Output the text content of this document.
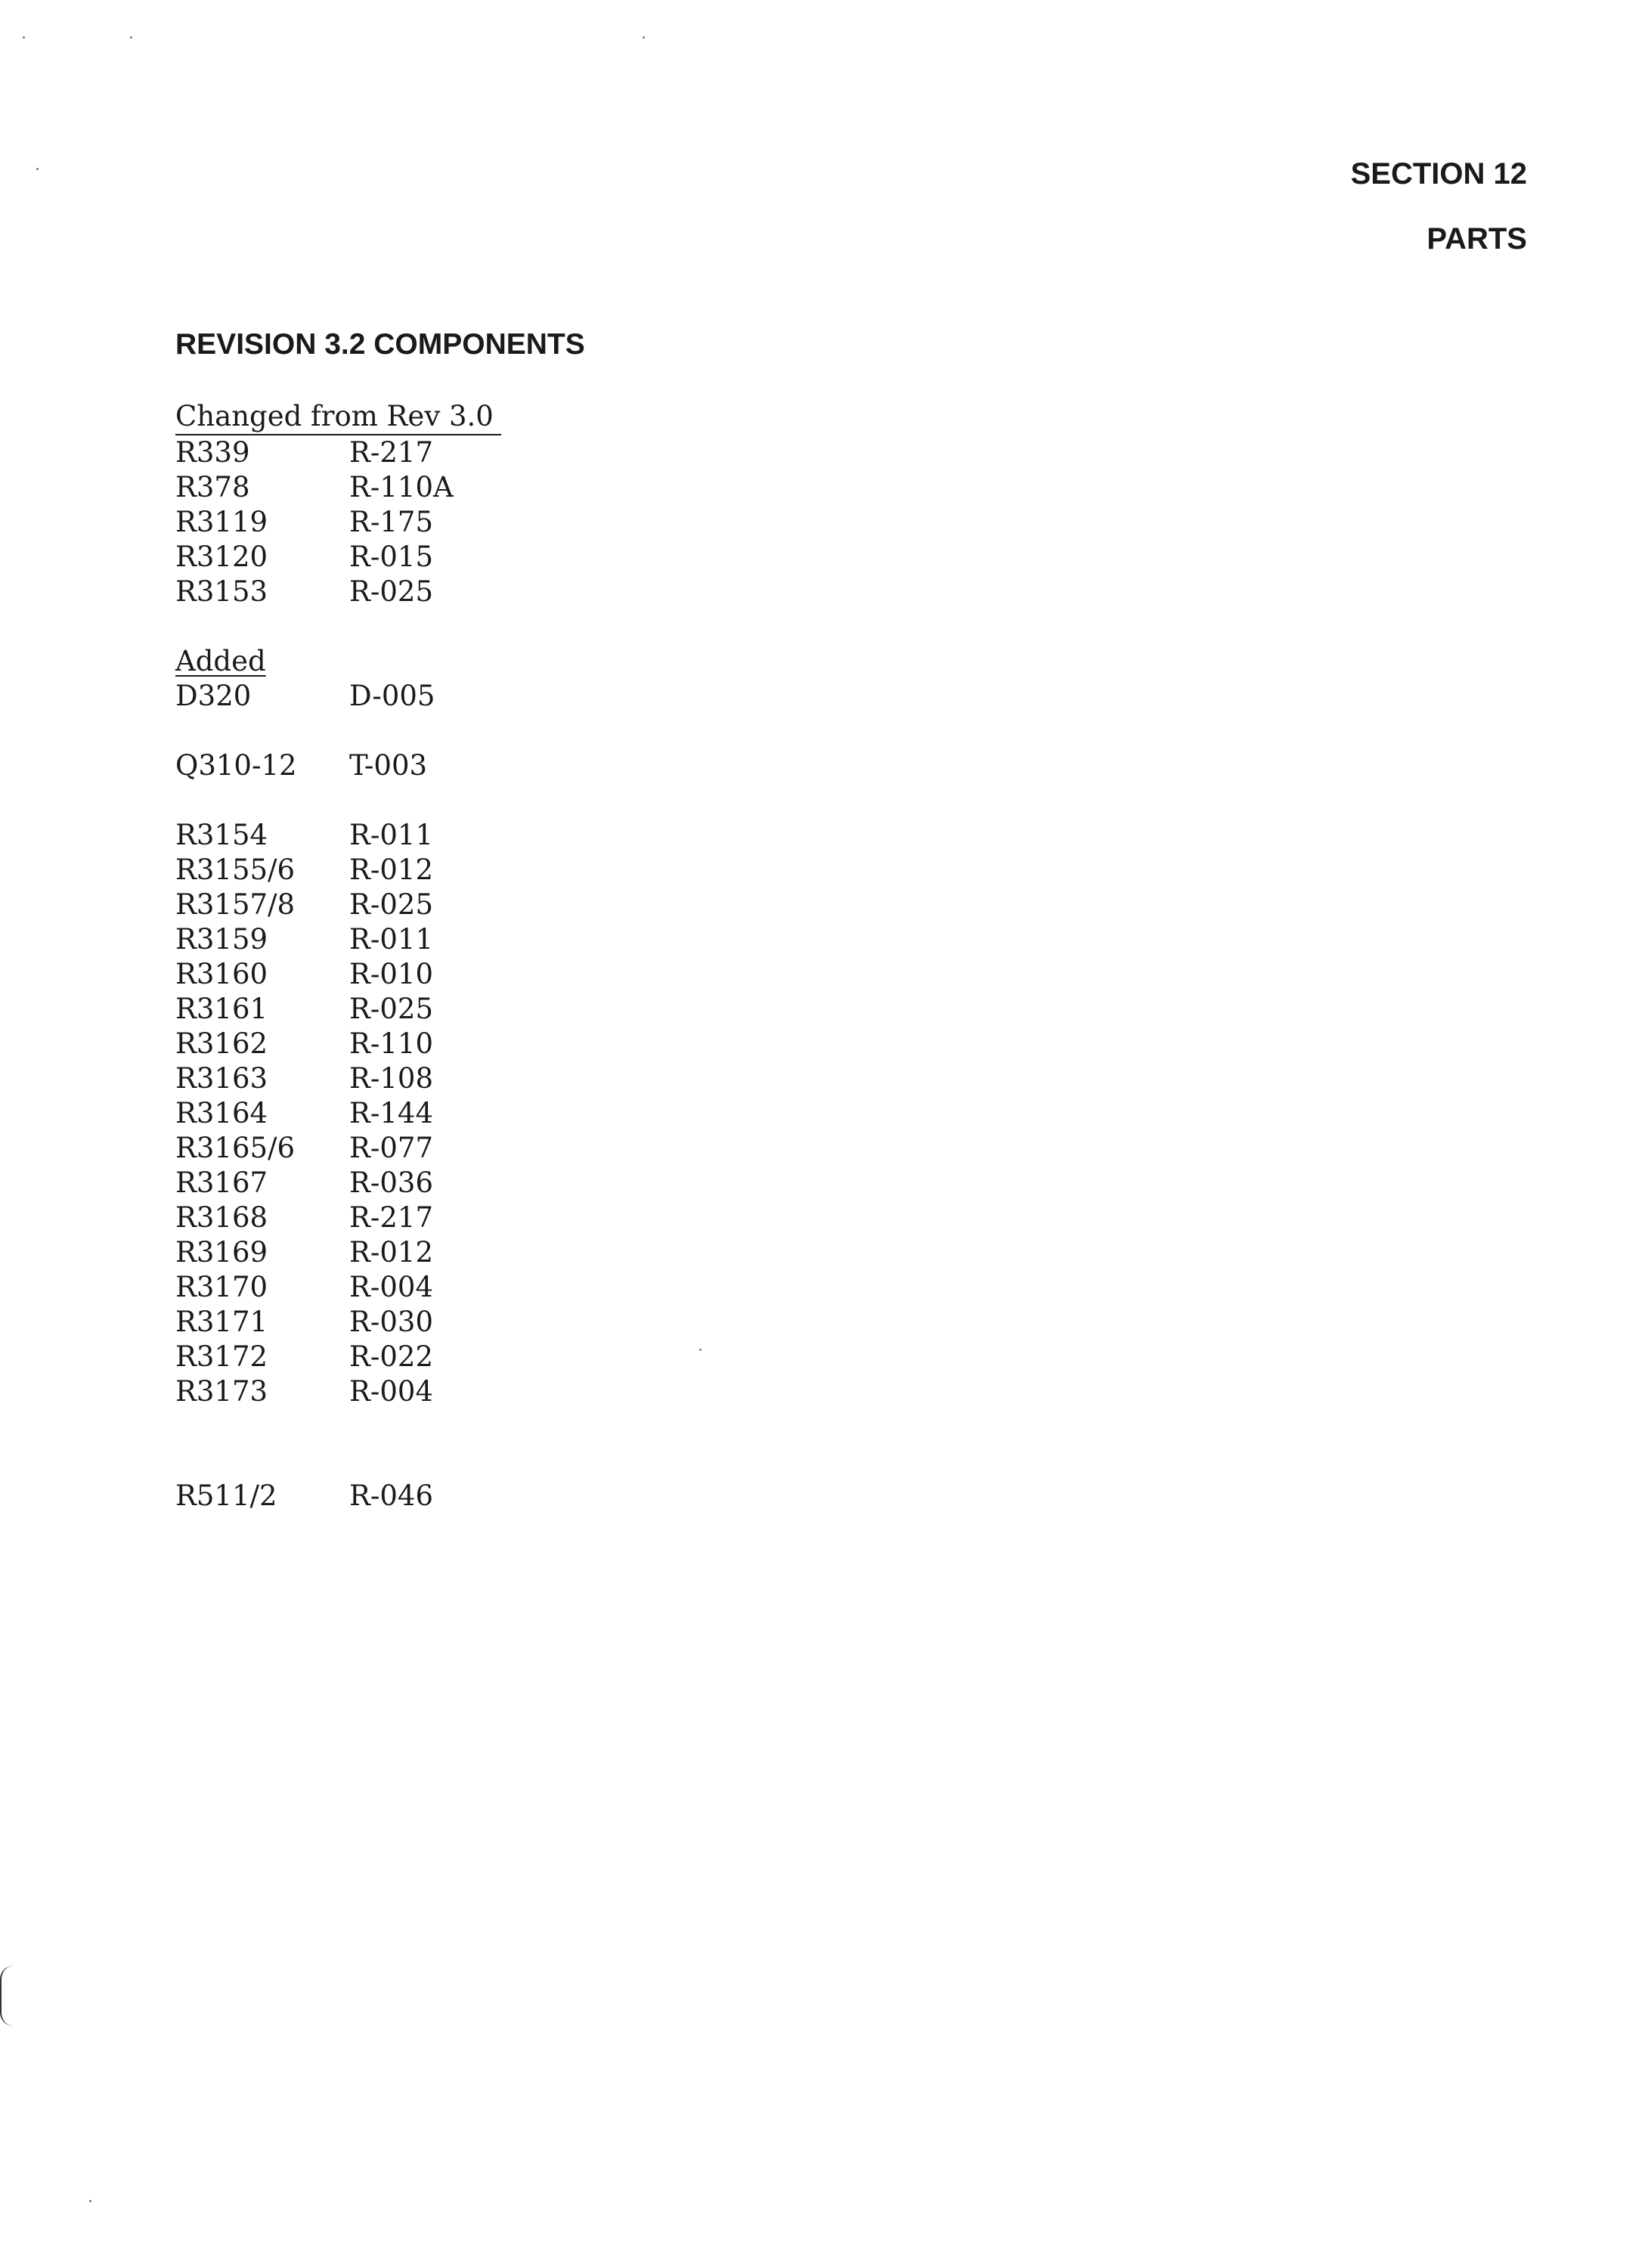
SECTION 12
PARTS
REVISION 3.2 COMPONENTS
Changed from Rev 3.0
R339	R-217
R378	R-110A
R3119	R-175
R3120	R-015
R3153	R-025
Added
D320	D-005
Q310-12	T-003
R3154	R-011
R3155/6	R-012
R3157/8	R-025
R3159	R-011
R3160	R-010
R3161	R-025
R3162	R-110
R3163	R-108
R3164	R-144
R3165/6	R-077
R3167	R-036
R3168	R-217
R3169	R-012
R3170	R-004
R3171	R-030
R3172	R-022
R3173	R-004
R511/2	R-046
